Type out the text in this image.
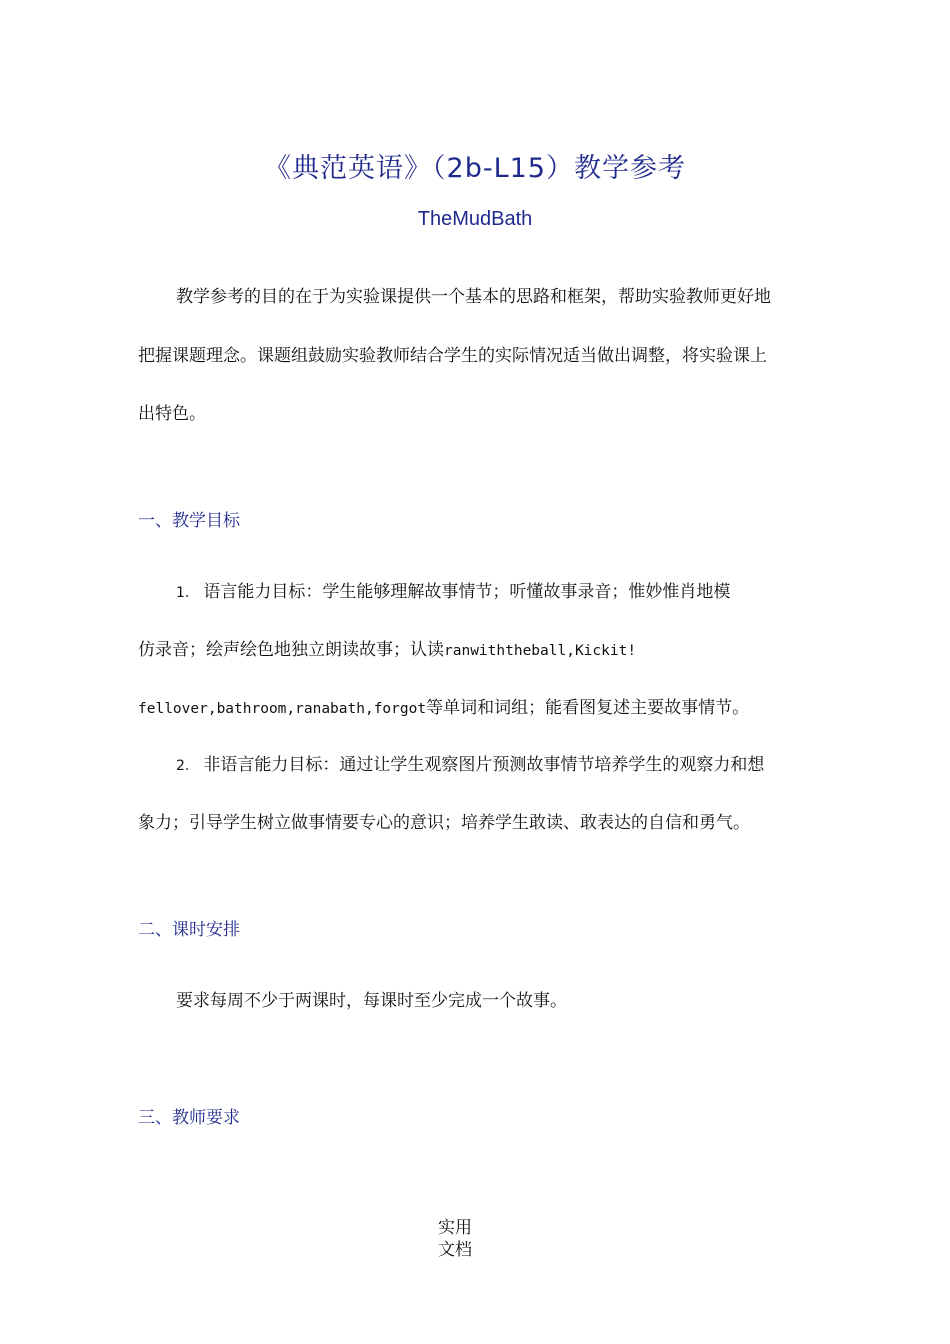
《典范英语》（2b-L15）教学参考
TheMudBath
教学参考的目的在于为实验课提供一个基本的思路和框架，帮助实验教师更好地
把握课题理念。课题组鼓励实验教师结合学生的实际情况适当做出调整，将实验课上
出特色。
一、教学目标
1. 语言能力目标：学生能够理解故事情节；听懂故事录音；惟妙惟肖地模
仿录音；绘声绘色地独立朗读故事；认读ranwiththeball,Kickit!
fellover,bathroom,ranabath,forgot等单词和词组；能看图复述主要故事情节。
2. 非语言能力目标：通过让学生观察图片预测故事情节培养学生的观察力和想
象力；引导学生树立做事情要专心的意识；培养学生敢读、敢表达的自信和勇气。
二、课时安排
要求每周不少于两课时，每课时至少完成一个故事。
三、教师要求
实用
文档
